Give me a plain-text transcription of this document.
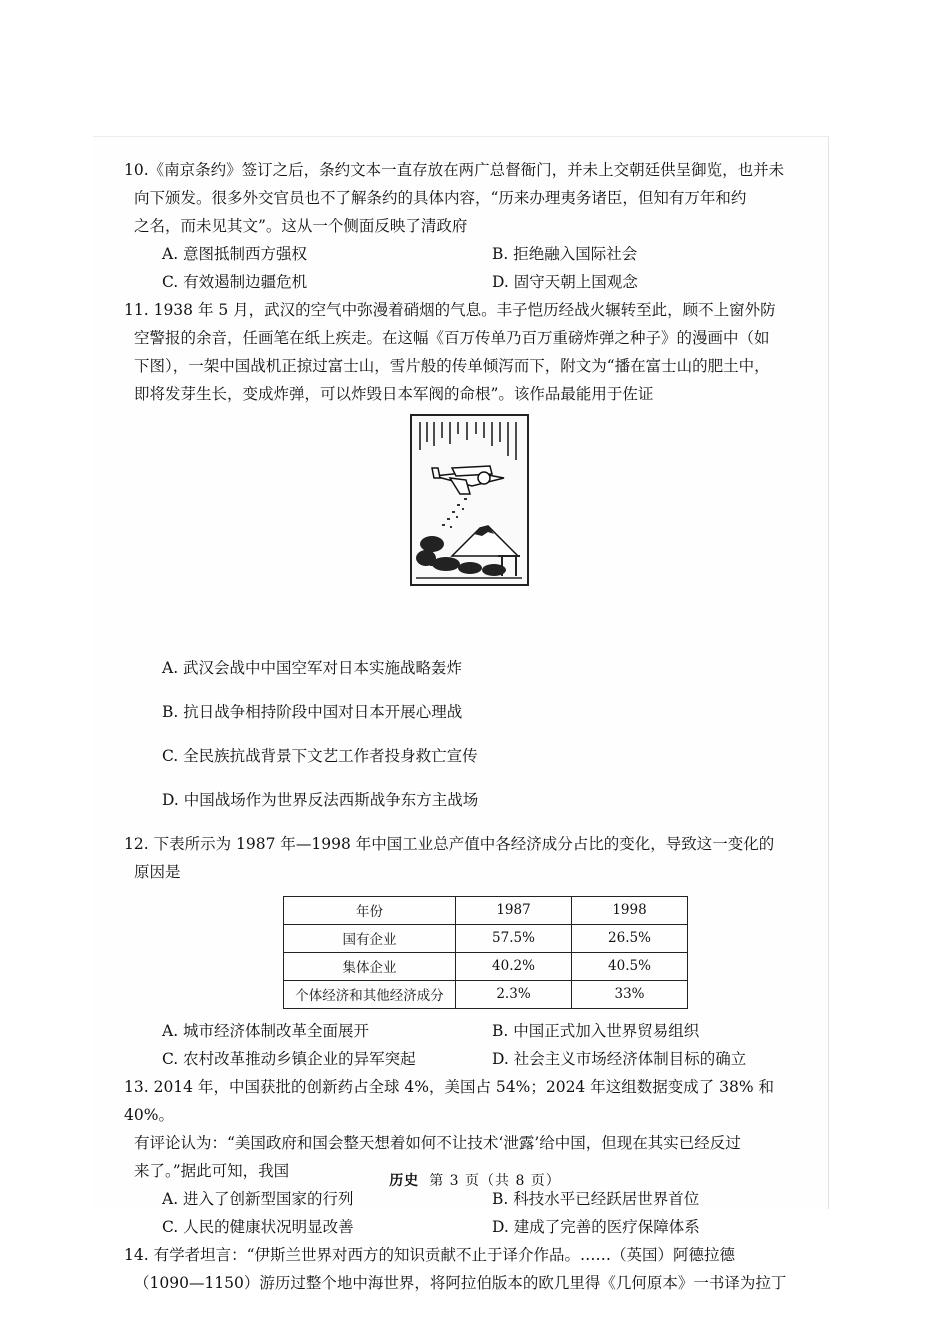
10.《南京条约》签订之后，条约文本一直存放在两广总督衙门，并未上交朝廷供呈御览，也并未

向下颁发。很多外交官员也不了解条约的具体内容，“历来办理夷务诸臣，但知有万年和约

之名，而未见其文”。这从一个侧面反映了清政府

A. 意图抵制西方强权	B. 拒绝融入国际社会
C. 有效遏制边疆危机	D. 固守天朝上国观念

11. 1938 年 5 月，武汉的空气中弥漫着硝烟的气息。丰子恺历经战火辗转至此，顾不上窗外防

空警报的余音，任画笔在纸上疾走。在这幅《百万传单乃百万重磅炸弹之种子》的漫画中（如

下图），一架中国战机正掠过富士山，雪片般的传单倾泻而下，附文为“播在富士山的肥土中，

即将发芽生长，变成炸弹，可以炸毁日本军阀的命根”。该作品最能用于佐证

A. 武汉会战中中国空军对日本实施战略轰炸

B. 抗日战争相持阶段中国对日本开展心理战

C. 全民族抗战背景下文艺工作者投身救亡宣传

D. 中国战场作为世界反法西斯战争东方主战场

12. 下表所示为 1987 年—1998 年中国工业总产值中各经济成分占比的变化，导致这一变化的

原因是

年份	1987	1998
国有企业	57.5%	26.5%
集体企业	40.2%	40.5%
个体经济和其他经济成分	2.3%	33%
A. 城市经济体制改革全面展开	B. 中国正式加入世界贸易组织
C. 农村改革推动乡镇企业的异军突起	D. 社会主义市场经济体制目标的确立

13. 2014 年，中国获批的创新药占全球 4%，美国占 54%；2024 年这组数据变成了 38% 和 40%。

有评论认为：“美国政府和国会整天想着如何不让技术‘泄露’给中国，但现在其实已经反过

来了。”据此可知，我国

A. 进入了创新型国家的行列	B. 科技水平已经跃居世界首位
C. 人民的健康状况明显改善	D. 建成了完善的医疗保障体系

14. 有学者坦言：“伊斯兰世界对西方的知识贡献不止于译介作品。……（英国）阿德拉德

（1090—1150）游历过整个地中海世界，将阿拉伯版本的欧几里得《几何原本》一书译为拉丁

历史 第 3 页（共 8 页）
